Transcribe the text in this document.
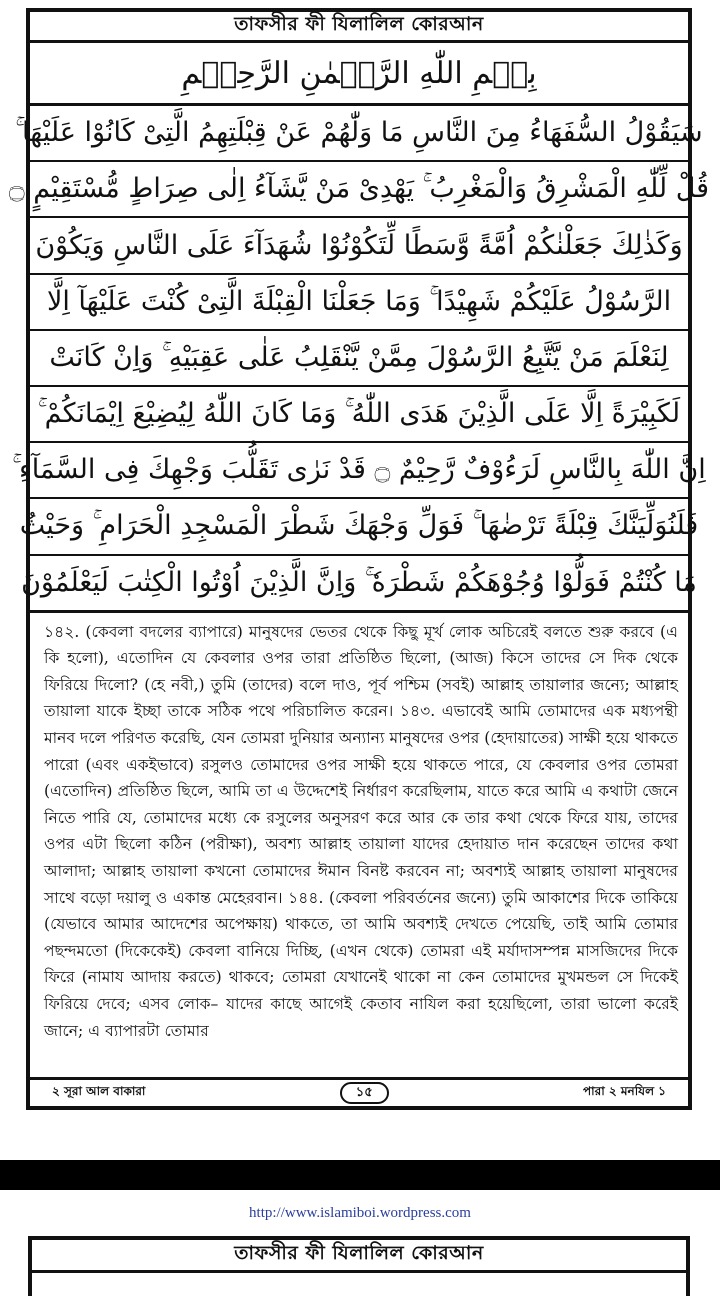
তাফসীর ফী যিলালিল কোরআন
بِسۡمِ اللّٰهِ الرَّحۡمٰنِ الرَّحِیۡمِ
سَيَقُوْلُ السُّفَهَاءُ مِنَ النَّاسِ مَا وَلّٰهُمْ عَنْ قِبْلَتِهِمُ الَّتِىْ كَانُوْا عَلَيْهَا ۚ
قُلْ لِّلّٰهِ الْمَشْرِقُ وَالْمَغْرِبُ ۚ يَهْدِىْ مَنْ يَّشَآءُ اِلٰى صِرَاطٍ مُّسْتَقِيْمٍ ۝
وَكَذٰلِكَ جَعَلْنٰكُمْ اُمَّةً وَّسَطًا لِّتَكُوْنُوْا شُهَدَآءَ عَلَى النَّاسِ وَيَكُوْنَ
الرَّسُوْلُ عَلَيْكُمْ شَهِيْدًا ۚ وَمَا جَعَلْنَا الْقِبْلَةَ الَّتِىْ كُنْتَ عَلَيْهَآ اِلَّا
لِنَعْلَمَ مَنْ يَّتَّبِعُ الرَّسُوْلَ مِمَّنْ يَّنْقَلِبُ عَلٰى عَقِبَيْهِ ۚ وَاِنْ كَانَتْ
لَكَبِيْرَةً اِلَّا عَلَى الَّذِيْنَ هَدَى اللّٰهُ ۚ وَمَا كَانَ اللّٰهُ لِيُضِيْعَ اِيْمَانَكُمْ ۚ
اِنَّ اللّٰهَ بِالنَّاسِ لَرَءُوْفٌ رَّحِيْمٌ ۝ قَدْ نَرٰى تَقَلُّبَ وَجْهِكَ فِى السَّمَآءِ ۚ
فَلَنُوَلِّيَنَّكَ قِبْلَةً تَرْضٰهَا ۚ فَوَلِّ وَجْهَكَ شَطْرَ الْمَسْجِدِ الْحَرَامِ ۚ وَحَيْثُ
مَا كُنْتُمْ فَوَلُّوْا وُجُوْهَكُمْ شَطْرَهٗ ۚ وَاِنَّ الَّذِيْنَ اُوْتُوا الْكِتٰبَ لَيَعْلَمُوْنَ
১৪২. (কেবলা বদলের ব্যাপারে) মানুষদের ভেতর থেকে কিছু মূর্খ লোক অচিরেই বলতে শুরু করবে (এ কি হলো), এতোদিন যে কেবলার ওপর তারা প্রতিষ্ঠিত ছিলো, (আজ) কিসে তাদের সে দিক থেকে ফিরিয়ে দিলো? (হে নবী,) তুমি (তাদের) বলে দাও, পূর্ব পশ্চিম (সবই) আল্লাহ তায়ালার জন্যে; আল্লাহ তায়ালা যাকে ইচ্ছা তাকে সঠিক পথে পরিচালিত করেন। ১৪৩. এভাবেই আমি তোমাদের এক মধ্যপন্থী মানব দলে পরিণত করেছি, যেন তোমরা দুনিয়ার অন্যান্য মানুষদের ওপর (হেদায়াতের) সাক্ষী হয়ে থাকতে পারো (এবং একইভাবে) রসুলও তোমাদের ওপর সাক্ষী হয়ে থাকতে পারে, যে কেবলার ওপর তোমরা (এতোদিন) প্রতিষ্ঠিত ছিলে, আমি তা এ উদ্দেশেই নির্ধারণ করেছিলাম, যাতে করে আমি এ কথাটা জেনে নিতে পারি যে, তোমাদের মধ্যে কে রসুলের অনুসরণ করে আর কে তার কথা থেকে ফিরে যায়, তাদের ওপর এটা ছিলো কঠিন (পরীক্ষা), অবশ্য আল্লাহ তায়ালা যাদের হেদায়াত দান করেছেন তাদের কথা আলাদা; আল্লাহ তায়ালা কখনো তোমাদের ঈমান বিনষ্ট করবেন না; অবশ্যই আল্লাহ তায়ালা মানুষদের সাথে বড়ো দয়ালু ও একান্ত মেহেরবান। ১৪৪. (কেবলা পরিবর্তনের জন্যে) তুমি আকাশের দিকে তাকিয়ে (যেভাবে আমার আদেশের অপেক্ষায়) থাকতে, তা আমি অবশ্যই দেখতে পেয়েছি, তাই আমি তোমার পছন্দমতো (দিকেকেই) কেবলা বানিয়ে দিচ্ছি, (এখন থেকে) তোমরা এই মর্যাদাসম্পন্ন মাসজিদের দিকে ফিরে (নামায আদায় করতে) থাকবে; তোমরা যেখানেই থাকো না কেন তোমাদের মুখমন্ডল সে দিকেই ফিরিয়ে দেবে; এসব লোক– যাদের কাছে আগেই কেতাব নাযিল করা হয়েছিলো, তারা ভালো করেই জানে; এ ব্যাপারটা তোমার
২ সূরা আল বাকারা	১৫	পারা ২ মনযিল ১
http://www.islamiboi.wordpress.com
তাফসীর ফী যিলালিল কোরআন
